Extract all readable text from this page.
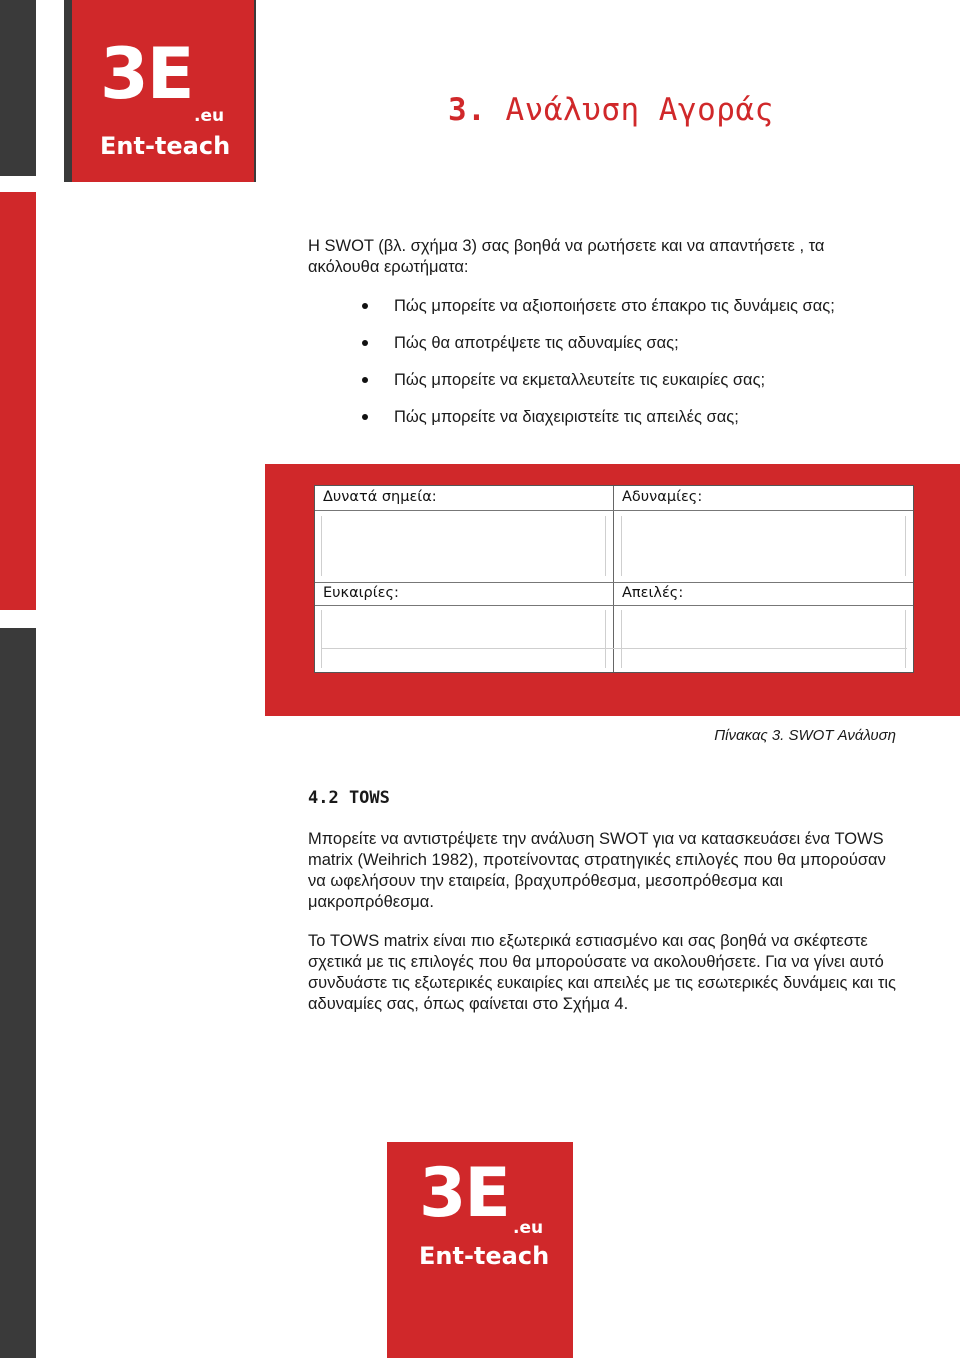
3E
.eu
Ent-teach
3. Ανάλυση Αγοράς
Η SWOT (βλ. σχήμα 3) σας βοηθά να ρωτήσετε και να απαντήσετε , τα ακόλουθα ερωτήματα:
Πώς μπορείτε να αξιοποιήσετε στο έπακρο τις δυνάμεις σας;
Πώς θα αποτρέψετε τις αδυναμίες σας;
Πώς μπορείτε να εκμεταλλευτείτε τις ευκαιρίες σας;
Πώς μπορείτε να διαχειριστείτε τις απειλές σας;
Δυνατά σημεία:	Αδυναμίες:
Ευκαιρίες:	Απειλές:
Πίνακας 3. SWOT Ανάλυση
4.2 TOWS
Μπορείτε να αντιστρέψετε την ανάλυση SWOT για να κατασκευάσει ένα TOWS matrix (Weihrich 1982), προτείνοντας στρατηγικές επιλογές που θα μπορούσαν να ωφελήσουν την εταιρεία, βραχυπρόθεσμα, μεσοπρόθεσμα και μακροπρόθεσμα.
Το TOWS matrix είναι πιο εξωτερικά εστιασμένο και σας βοηθά να σκέφτεστε σχετικά με τις επιλογές που θα μπορούσατε να ακολουθήσετε. Για να γίνει αυτό συνδυάστε τις εξωτερικές ευκαιρίες και απειλές με τις εσωτερικές δυνάμεις και τις αδυναμίες σας, όπως φαίνεται στο Σχήμα 4.
3E .eu
Ent-teach
